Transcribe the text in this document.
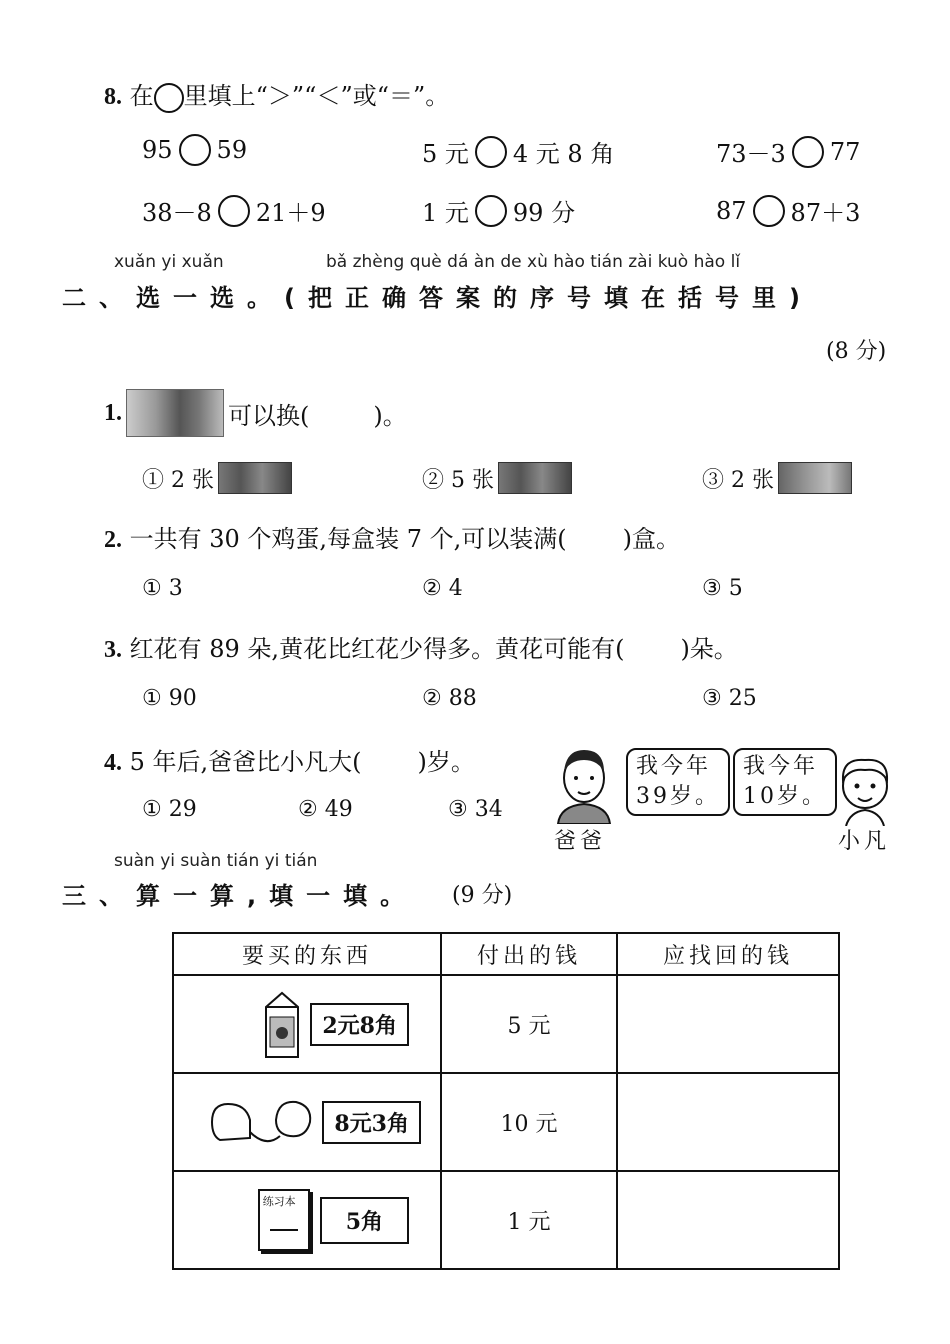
8. 在 里填上“＞”“＜”或“＝”。
95 59	5 元 4 元 8 角	73－3 77
38－8 21＋9	1 元 99 分	87 87＋3
xuǎn yi xuǎn	bǎ zhèng què dá àn de xù hào tián zài kuò hào lǐ
二、选一选。(把正确答案的序号填在括号里)
(8 分)
1.	可以换(	)。
① 2 张	② 5 张	③ 2 张
2. 一共有 30 个鸡蛋,每盒装 7 个,可以装满( )盒。
① 3	② 4	③ 5
3. 红花有 89 朵,黄花比红花少得多。黄花可能有( )朵。
① 90	② 88	③ 25
4. 5 年后,爸爸比小凡大( )岁。
① 29	② 49	③ 34
爸爸
我今年
39岁。
我今年
10岁。
小凡
suàn yi suàn tián yi tián
三、算一算,填一填。 (9 分)
要买的东西	付出的钱	应找回的钱

2元8角	5 元	

8元3角	10 元	

练习本
5角	1 元	
